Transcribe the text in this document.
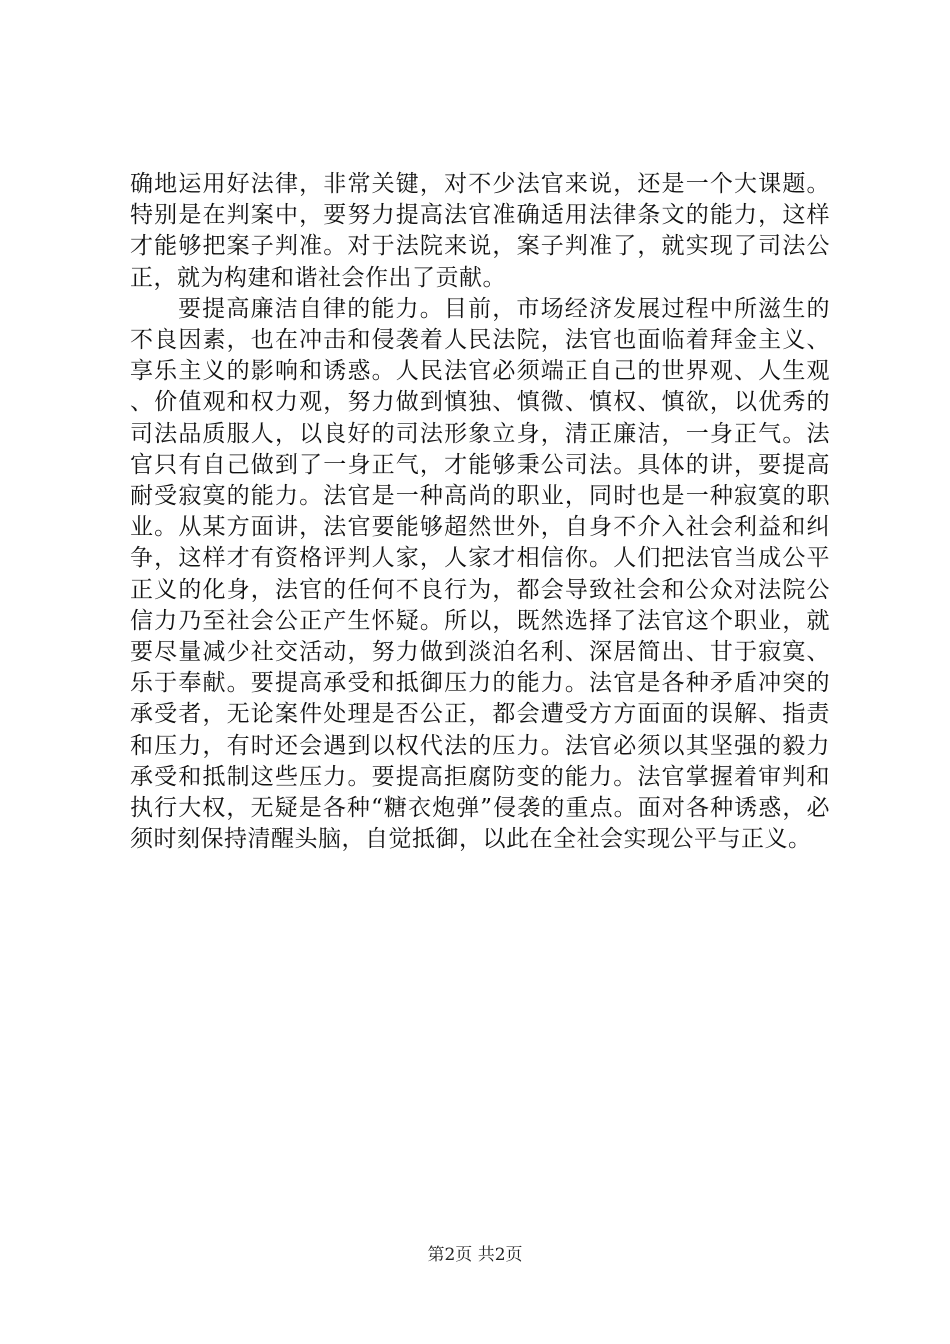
确地运用好法律，非常关键，对不少法官来说，还是一个大课题。特别是在判案中，要努力提高法官准确适用法律条文的能力，这样才能够把案子判准。对于法院来说，案子判准了，就实现了司法公正，就为构建和谐社会作出了贡献。

要提高廉洁自律的能力。目前，市场经济发展过程中所滋生的不良因素，也在冲击和侵袭着人民法院，法官也面临着拜金主义、享乐主义的影响和诱惑。人民法官必须端正自己的世界观、人生观、价值观和权力观，努力做到慎独、慎微、慎权、慎欲，以优秀的司法品质服人，以良好的司法形象立身，清正廉洁，一身正气。法官只有自己做到了一身正气，才能够秉公司法。具体的讲，要提高耐受寂寞的能力。法官是一种高尚的职业，同时也是一种寂寞的职业。从某方面讲，法官要能够超然世外，自身不介入社会利益和纠争，这样才有资格评判人家，人家才相信你。人们把法官当成公平正义的化身，法官的任何不良行为，都会导致社会和公众对法院公信力乃至社会公正产生怀疑。所以，既然选择了法官这个职业，就要尽量减少社交活动，努力做到淡泊名利、深居简出、甘于寂寞、乐于奉献。要提高承受和抵御压力的能力。法官是各种矛盾冲突的承受者，无论案件处理是否公正，都会遭受方方面面的误解、指责和压力，有时还会遇到以权代法的压力。法官必须以其坚强的毅力承受和抵制这些压力。要提高拒腐防变的能力。法官掌握着审判和执行大权，无疑是各种“糖衣炮弹”侵袭的重点。面对各种诱惑，必须时刻保持清醒头脑，自觉抵御，以此在全社会实现公平与正义。

第2页 共2页
